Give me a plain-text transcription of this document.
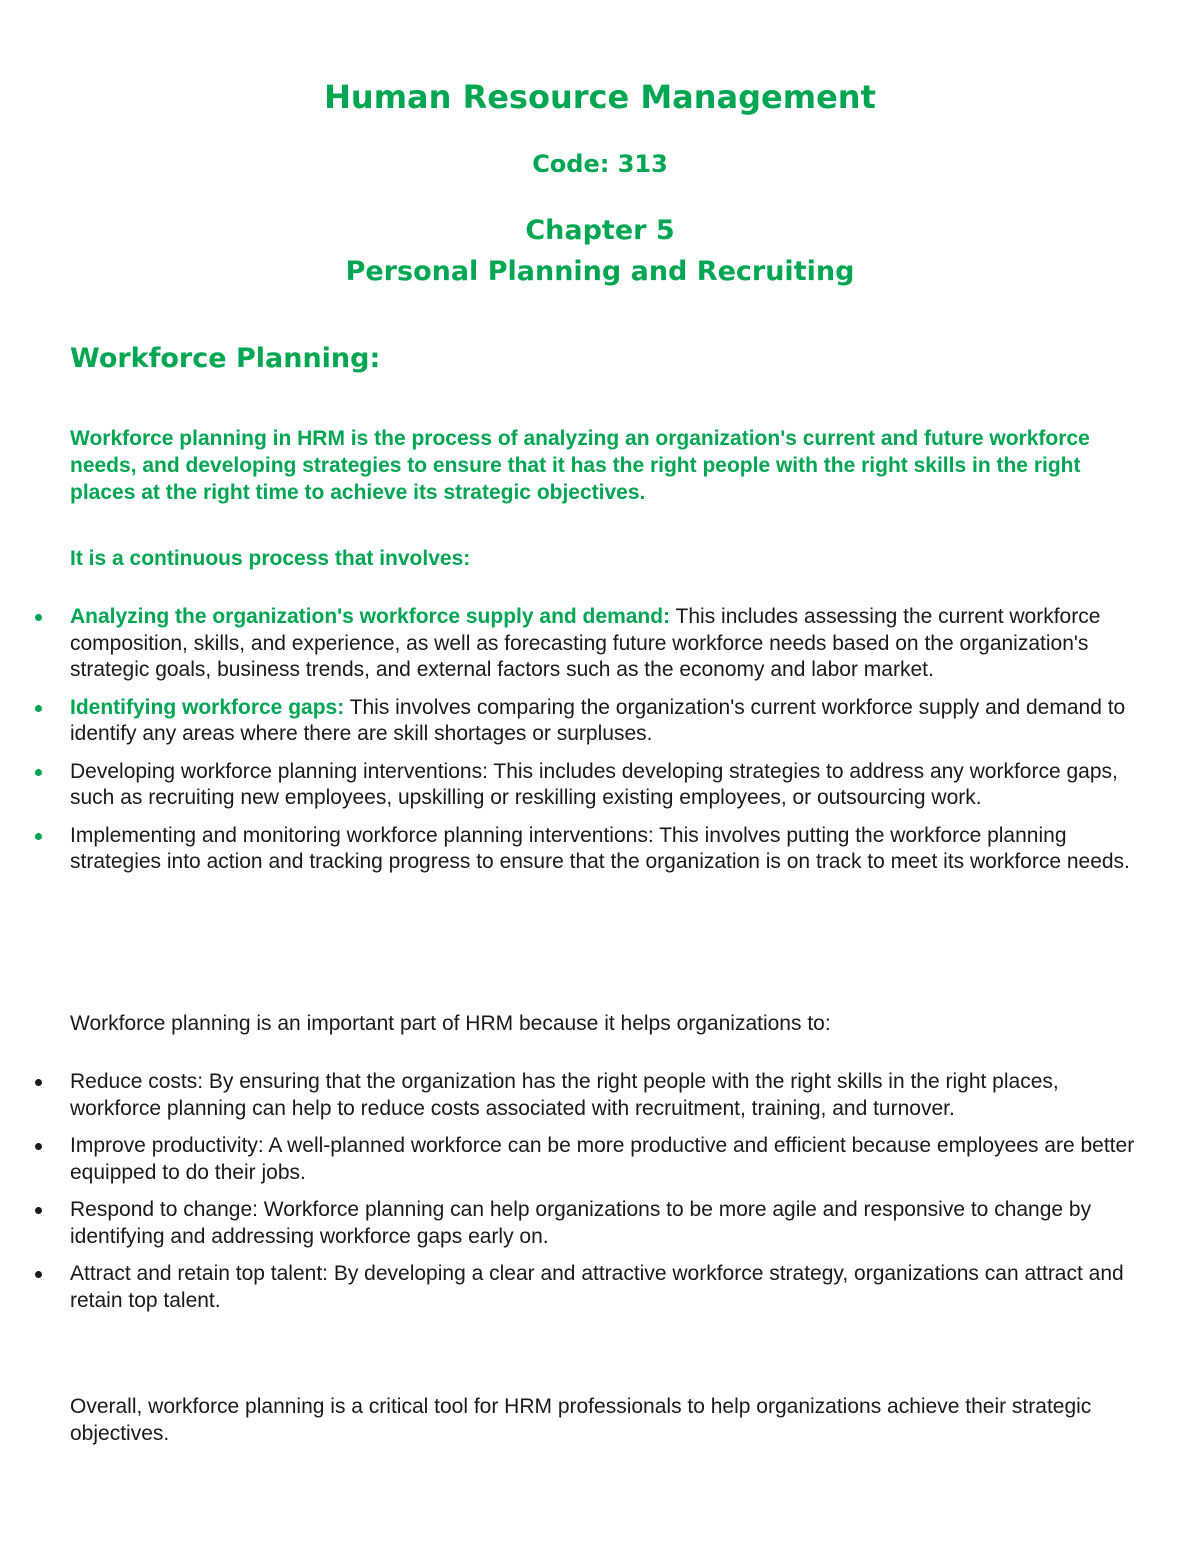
Human Resource Management
Code: 313
Chapter 5
Personal Planning and Recruiting
Workforce Planning:

Workforce planning in HRM is the process of analyzing an organization's current and future workforce needs, and developing strategies to ensure that it has the right people with the right skills in the right places at the right time to achieve its strategic objectives.

It is a continuous process that involves:

Analyzing the organization's workforce supply and demand: This includes assessing the current workforce composition, skills, and experience, as well as forecasting future workforce needs based on the organization's strategic goals, business trends, and external factors such as the economy and labor market.
Identifying workforce gaps: This involves comparing the organization's current workforce supply and demand to identify any areas where there are skill shortages or surpluses.
Developing workforce planning interventions: This includes developing strategies to address any workforce gaps, such as recruiting new employees, upskilling or reskilling existing employees, or outsourcing work.
Implementing and monitoring workforce planning interventions: This involves putting the workforce planning strategies into action and tracking progress to ensure that the organization is on track to meet its workforce needs.

Workforce planning is an important part of HRM because it helps organizations to:

Reduce costs: By ensuring that the organization has the right people with the right skills in the right places, workforce planning can help to reduce costs associated with recruitment, training, and turnover.
Improve productivity: A well-planned workforce can be more productive and efficient because employees are better equipped to do their jobs.
Respond to change: Workforce planning can help organizations to be more agile and responsive to change by identifying and addressing workforce gaps early on.
Attract and retain top talent: By developing a clear and attractive workforce strategy, organizations can attract and retain top talent.

Overall, workforce planning is a critical tool for HRM professionals to help organizations achieve their strategic objectives.
